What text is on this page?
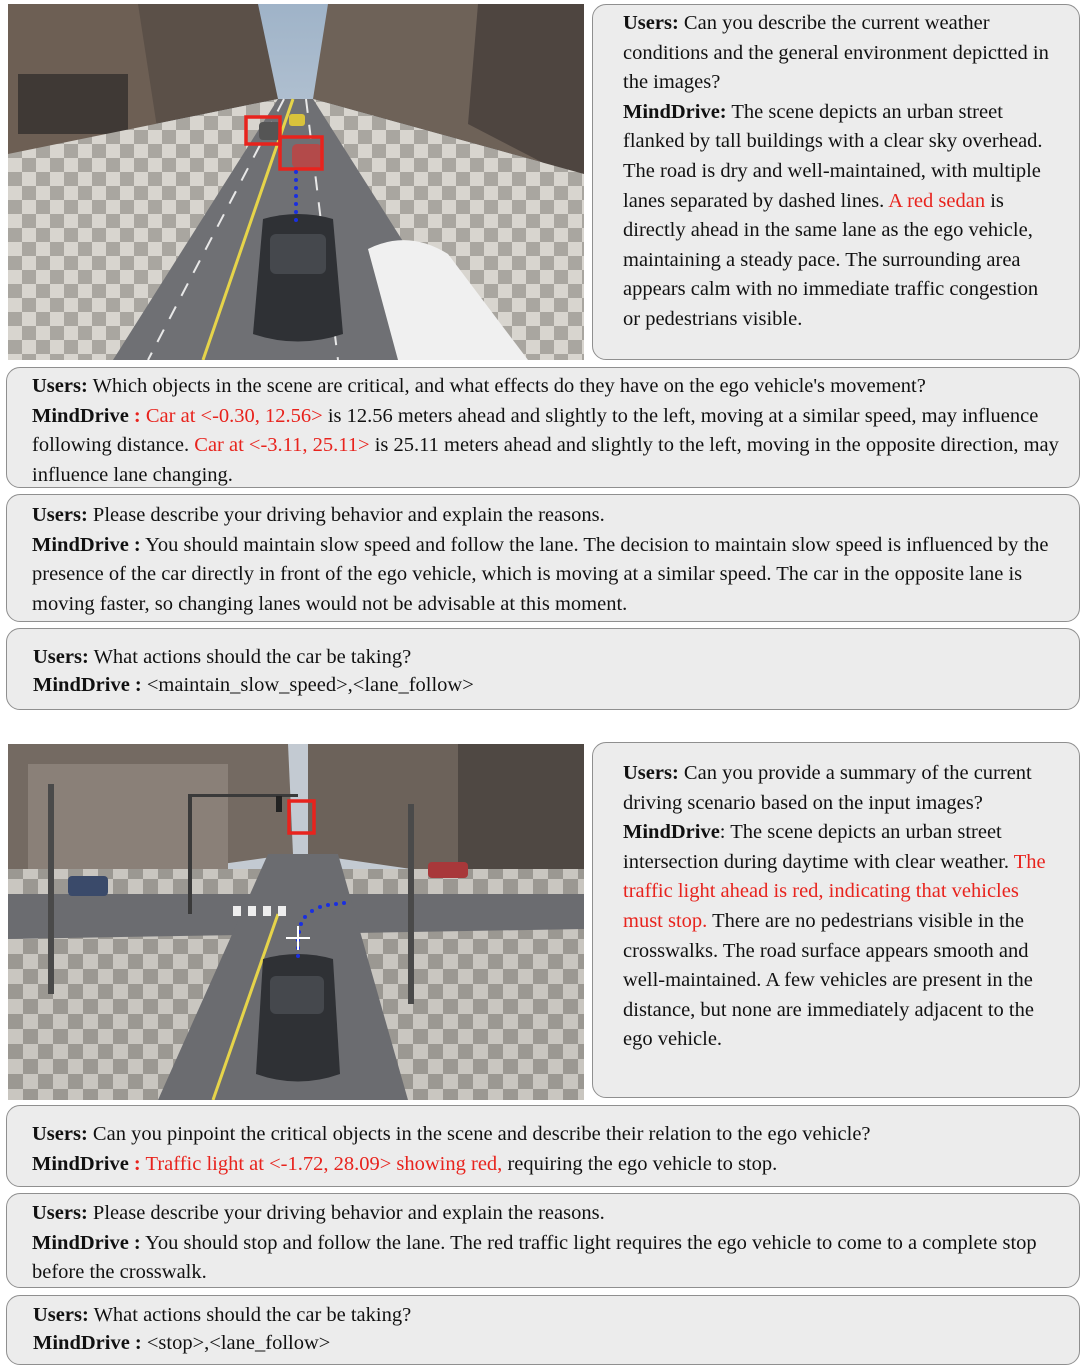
Users: Can you describe the current weather conditions and the general environment depictted in the images?
MindDrive: The scene depicts an urban street flanked by tall buildings with a clear sky overhead. The road is dry and well-maintained, with multiple lanes separated by dashed lines. A red sedan is directly ahead in the same lane as the ego vehicle, maintaining a steady pace. The surrounding area appears calm with no immediate traffic congestion or pedestrians visible.

Users: Which objects in the scene are critical, and what effects do they have on the ego vehicle's movement?
MindDrive : Car at <-0.30, 12.56> is 12.56 meters ahead and slightly to the left, moving at a similar speed, may influence following distance. Car at <-3.11, 25.11> is 25.11 meters ahead and slightly to the left, moving in the opposite direction, may influence lane changing.

Users: Please describe your driving behavior and explain the reasons.
MindDrive : You should maintain slow speed and follow the lane. The decision to maintain slow speed is influenced by the presence of the car directly in front of the ego vehicle, which is moving at a similar speed. The car in the opposite lane is moving faster, so changing lanes would not be advisable at this moment.

Users: What actions should the car be taking?
MindDrive : <maintain_slow_speed>,<lane_follow>

Users: Can you provide a summary of the current driving scenario based on the input images?
MindDrive: The scene depicts an urban street intersection during daytime with clear weather. The traffic light ahead is red, indicating that vehicles must stop. There are no pedestrians visible in the crosswalks. The road surface appears smooth and well-maintained. A few vehicles are present in the distance, but none are immediately adjacent to the ego vehicle.

Users: Can you pinpoint the critical objects in the scene and describe their relation to the ego vehicle?
MindDrive : Traffic light at <-1.72, 28.09> showing red, requiring the ego vehicle to stop.

Users: Please describe your driving behavior and explain the reasons.
MindDrive : You should stop and follow the lane. The red traffic light requires the ego vehicle to come to a complete stop before the crosswalk.

Users: What actions should the car be taking?
MindDrive : <stop>,<lane_follow>
